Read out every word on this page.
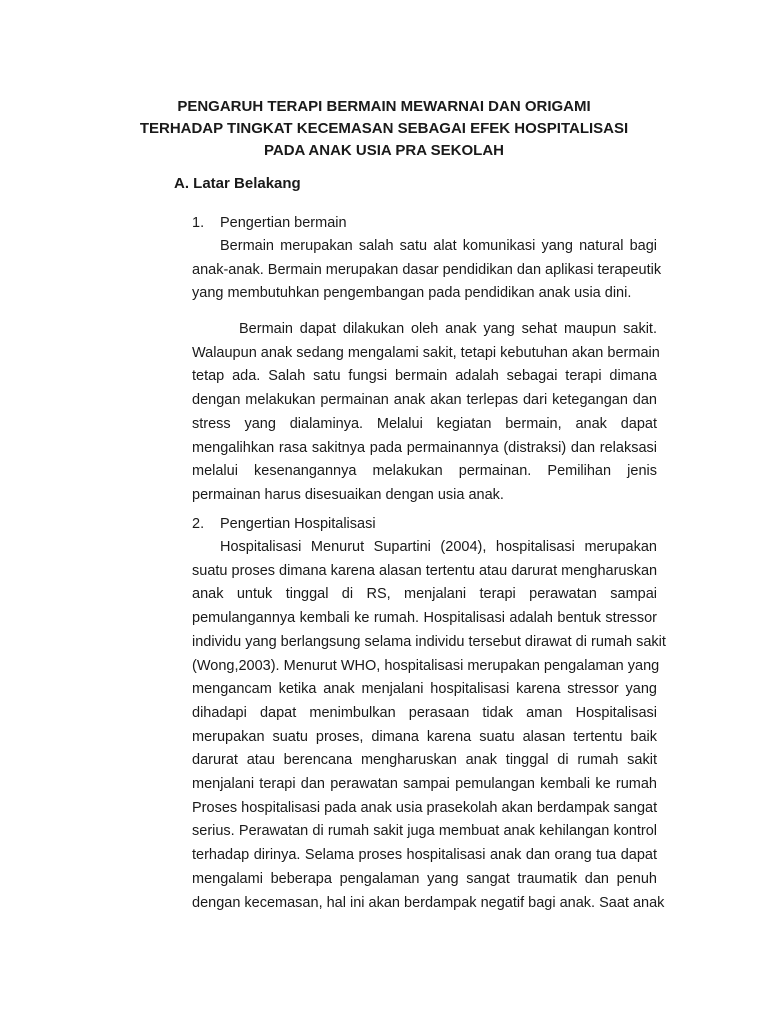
PENGARUH TERAPI BERMAIN MEWARNAI DAN ORIGAMI
TERHADAP TINGKAT KECEMASAN SEBAGAI EFEK HOSPITALISASI
PADA ANAK USIA PRA SEKOLAH
A. Latar Belakang
1. Pengertian bermain
Bermain merupakan salah satu alat komunikasi yang natural bagi
anak-anak. Bermain merupakan dasar pendidikan dan aplikasi terapeutik
yang membutuhkan pengembangan pada pendidikan anak usia dini.
Bermain dapat dilakukan oleh anak yang sehat maupun sakit.
Walaupun anak sedang mengalami sakit, tetapi kebutuhan akan bermain
tetap ada. Salah satu fungsi bermain adalah sebagai terapi dimana
dengan melakukan permainan anak akan terlepas dari ketegangan dan
stress yang dialaminya. Melalui kegiatan bermain, anak dapat
mengalihkan rasa sakitnya pada permainannya (distraksi) dan relaksasi
melalui kesenangannya melakukan permainan. Pemilihan jenis
permainan harus disesuaikan dengan usia anak.
2. Pengertian Hospitalisasi
Hospitalisasi Menurut Supartini (2004), hospitalisasi merupakan
suatu proses dimana karena alasan tertentu atau darurat mengharuskan
anak untuk tinggal di RS, menjalani terapi perawatan sampai
pemulangannya kembali ke rumah. Hospitalisasi adalah bentuk stressor
individu yang berlangsung selama individu tersebut dirawat di rumah sakit
(Wong,2003). Menurut WHO, hospitalisasi merupakan pengalaman yang
mengancam ketika anak menjalani hospitalisasi karena stressor yang
dihadapi dapat menimbulkan perasaan tidak aman Hospitalisasi
merupakan suatu proses, dimana karena suatu alasan tertentu baik
darurat atau berencana mengharuskan anak tinggal di rumah sakit
menjalani terapi dan perawatan sampai pemulangan kembali ke rumah
Proses hospitalisasi pada anak usia prasekolah akan berdampak sangat
serius. Perawatan di rumah sakit juga membuat anak kehilangan kontrol
terhadap dirinya. Selama proses hospitalisasi anak dan orang tua dapat
mengalami beberapa pengalaman yang sangat traumatik dan penuh
dengan kecemasan, hal ini akan berdampak negatif bagi anak. Saat anak
